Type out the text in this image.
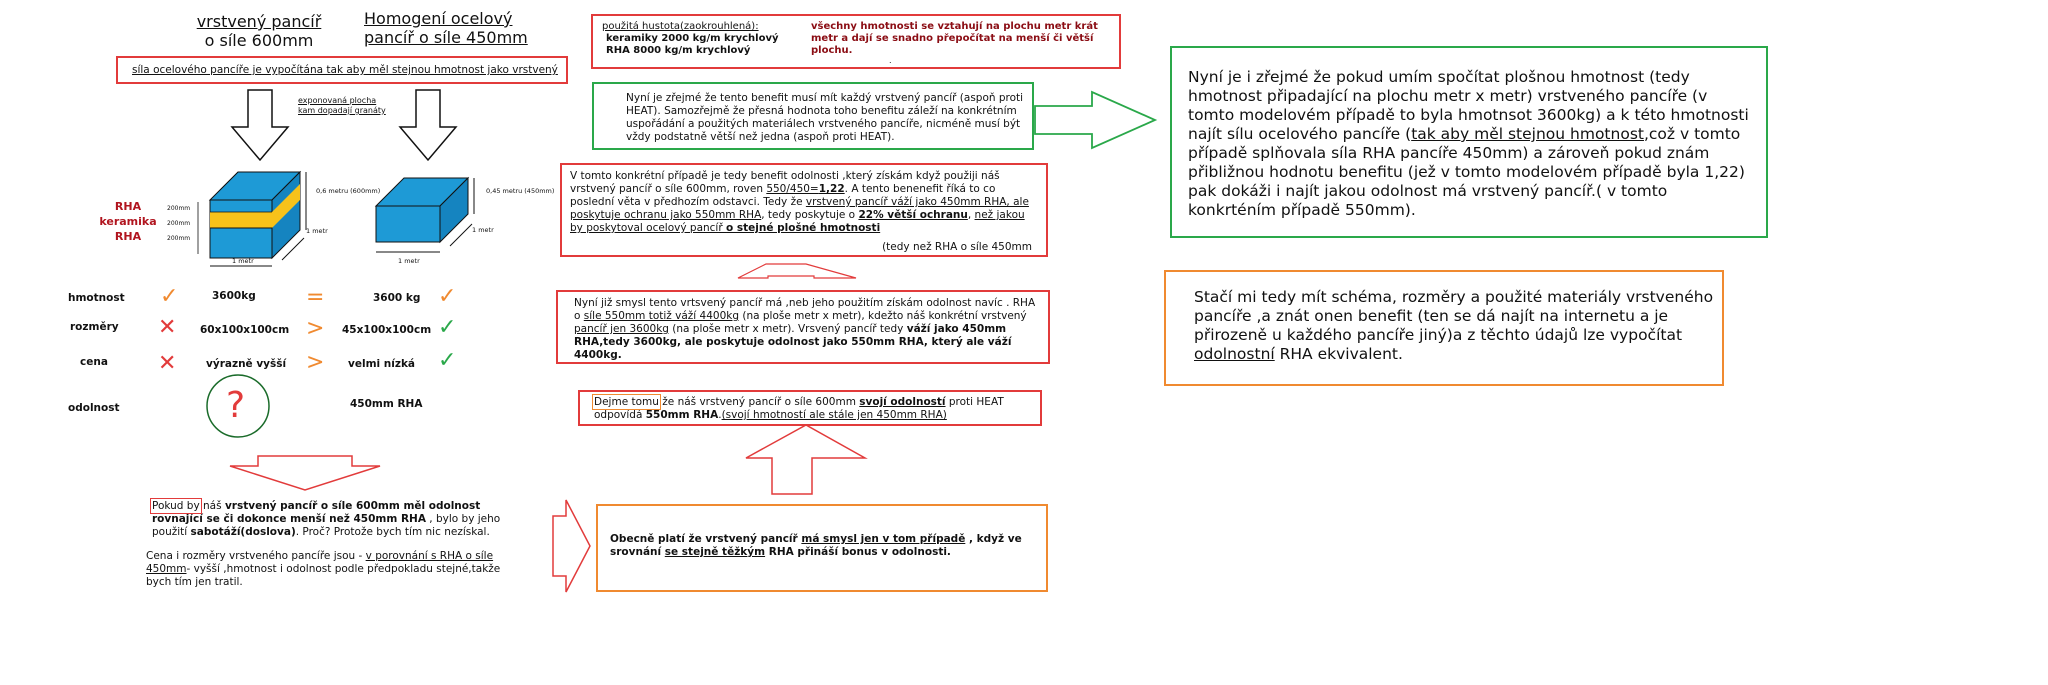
vrstvený pancíř
o síle 600mm
Homogení ocelový
pancíř o síle 450mm
síla ocelového pancíře je vypočítána tak aby měl stejnou hmotnost jako vrstvený
exponovaná plocha
kam dopadají granáty
RHA
keramika
RHA
200mm
200mm
200mm
0,6 metru (600mm)	0,45 metru (450mm)
1 metr
1 metr
1 metr
1 metr
hmotnost ✓	3600kg =	3600 kg ✓
rozměry ✕ 60x100x100cm > 45x100x100cm ✓
cena ✕	výrazně vyšší > velmi nízká ✓
odolnost	?	450mm RHA
Pokud by náš vrstvený pancíř o síle 600mm měl odolnost rovnající se či dokonce menší než 450mm RHA , bylo by jeho použití sabotáží(doslova). Proč? Protože bych tím nic nezískal.
Cena i rozměry vrstveného pancíře jsou - v porovnání s RHA o síle 450mm- vyšší ,hmotnost i odolnost podle předpokladu stejné,takže bych tím jen tratil.
použitá hustota(zaokrouhlená):
keramiky 2000 kg/m krychlový
RHA 8000 kg/m krychlový
všechny hmotnosti se vztahují na plochu metr krát metr a dají se snadno přepočítat na menší či větší plochu.
.
Nyní je zřejmé že tento benefit musí mít každý vrstvený pancíř (aspoň proti HEAT). Samozřejmě že přesná hodnota toho benefitu záleží na konkrétním uspořádání a použitých materiálech vrstveného pancíře, nicméně musí být vždy podstatně větší než jedna (aspoň proti HEAT).
V tomto konkrétní případě je tedy benefit odolnosti ,který získám když použiji náš vrstvený pancíř o síle 600mm, roven 550/450=1,22. A tento benenefit říká to co poslední věta v předhozím odstavci. Tedy že vrstvený pancíř váží jako 450mm RHA, ale poskytuje ochranu jako 550mm RHA, tedy poskytuje o 22% větší ochranu, než jakou by poskytoval ocelový pancíř o stejné plošné hmotnosti
(tedy než RHA o síle 450mm
Nyní již smysl tento vrtsvený pancíř má ,neb jeho použitím získám odolnost navíc . RHA o síle 550mm totiž váží 4400kg (na ploše metr x metr), kdežto náš konkrétní vrstvený pancíř jen 3600kg (na ploše metr x metr). Vrsvený pancíř tedy váží jako 450mm RHA,tedy 3600kg, ale poskytuje odolnost jako 550mm RHA, který ale váží 4400kg.
Dejme tomu že náš vrstvený pancíř o síle 600mm svojí odolností proti HEAT odpovídá 550mm RHA.(svojí hmotností ale stále jen 450mm RHA)
Obecně platí že vrstvený pancíř má smysl jen v tom případě , když ve srovnání se stejně těžkým RHA přináší bonus v odolnosti.
Nyní je i zřejmé že pokud umím spočítat plošnou hmotnost (tedy hmotnost připadající na plochu metr x metr) vrstveného pancíře (v tomto modelovém případě to byla hmotnsot 3600kg) a k této hmotnosti najít sílu ocelového pancíře (tak aby měl stejnou hmotnost,což v tomto případě splňovala síla RHA pancíře 450mm) a zároveň pokud znám přibližnou hodnotu benefitu (jež v tomto modelovém případě byla 1,22) pak dokáži i najít jakou odolnost má vrstvený pancíř.( v tomto konkrténím případě 550mm).
Stačí mi tedy mít schéma, rozměry a použité materiály vrstveného pancíře ,a znát onen benefit (ten se dá najít na internetu a je přirozeně u každého pancíře jiný)a z těchto údajů lze vypočítat odolnostní RHA ekvivalent.
